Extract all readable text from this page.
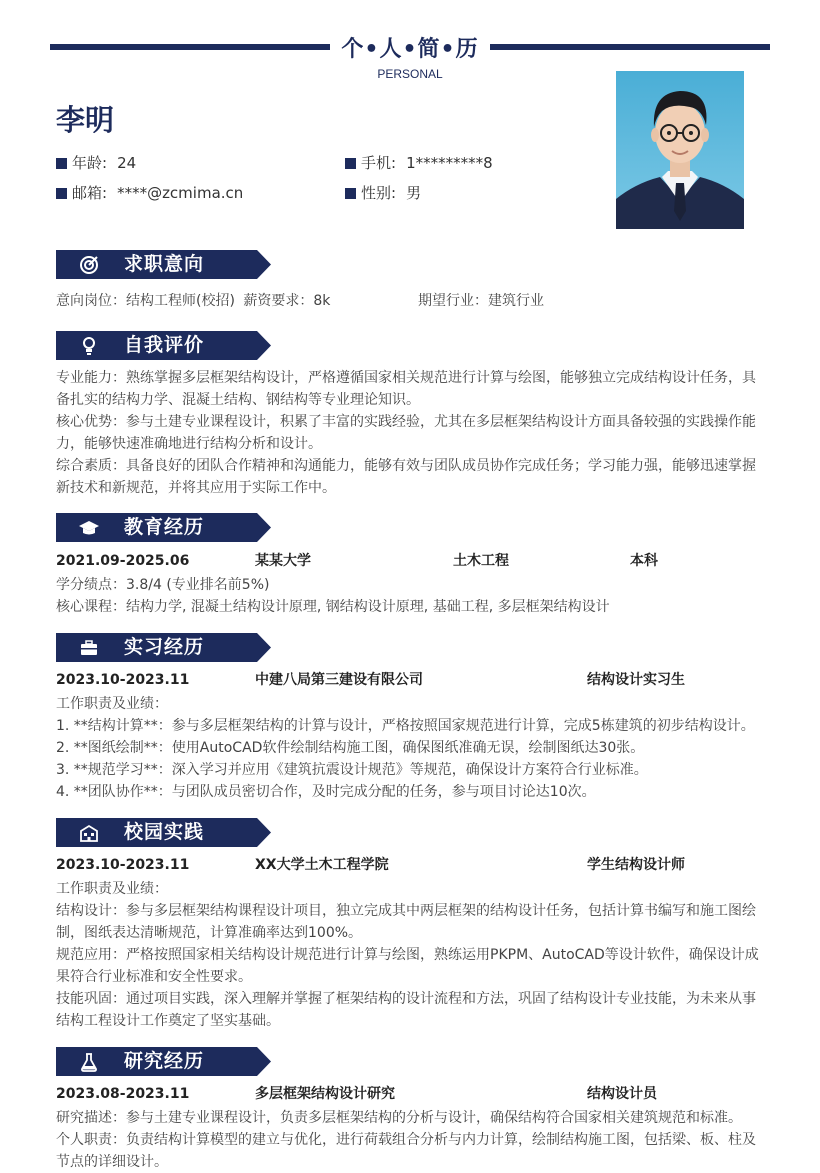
个•人•简•历
PERSONAL
李明
年龄: 24	手机: 1*********8
邮箱: ****@zcmima.cn	性别: 男
求职意向
意向岗位：结构工程师(校招) 薪资要求：8k	期望行业：建筑行业
自我评价
专业能力：熟练掌握多层框架结构设计，严格遵循国家相关规范进行计算与绘图，能够独立完成结构设计任务，具
备扎实的结构力学、混凝土结构、钢结构等专业理论知识。
核心优势：参与土建专业课程设计，积累了丰富的实践经验，尤其在多层框架结构设计方面具备较强的实践操作能
力，能够快速准确地进行结构分析和设计。
综合素质：具备良好的团队合作精神和沟通能力，能够有效与团队成员协作完成任务；学习能力强，能够迅速掌握
新技术和新规范，并将其应用于实际工作中。
教育经历
2021.09-2025.06	某某大学	土木工程	本科
学分绩点：3.8/4 (专业排名前5%)
核心课程：结构力学, 混凝土结构设计原理, 钢结构设计原理, 基础工程, 多层框架结构设计
实习经历
2023.10-2023.11	中建八局第三建设有限公司	结构设计实习生
工作职责及业绩：
1. **结构计算**：参与多层框架结构的计算与设计，严格按照国家规范进行计算，完成5栋建筑的初步结构设计。
2. **图纸绘制**：使用AutoCAD软件绘制结构施工图，确保图纸准确无误，绘制图纸达30张。
3. **规范学习**：深入学习并应用《建筑抗震设计规范》等规范，确保设计方案符合行业标准。
4. **团队协作**：与团队成员密切合作，及时完成分配的任务，参与项目讨论达10次。
校园实践
2023.10-2023.11	XX大学土木工程学院	学生结构设计师
工作职责及业绩：
结构设计：参与多层框架结构课程设计项目，独立完成其中两层框架的结构设计任务，包括计算书编写和施工图绘
制，图纸表达清晰规范，计算准确率达到100%。
规范应用：严格按照国家相关结构设计规范进行计算与绘图，熟练运用PKPM、AutoCAD等设计软件，确保设计成
果符合行业标准和安全性要求。
技能巩固：通过项目实践，深入理解并掌握了框架结构的设计流程和方法，巩固了结构设计专业技能，为未来从事
结构工程设计工作奠定了坚实基础。
研究经历
2023.08-2023.11	多层框架结构设计研究	结构设计员
研究描述：参与土建专业课程设计，负责多层框架结构的分析与设计，确保结构符合国家相关建筑规范和标准。
个人职责：负责结构计算模型的建立与优化，进行荷载组合分析与内力计算，绘制结构施工图，包括梁、板、柱及
节点的详细设计。
